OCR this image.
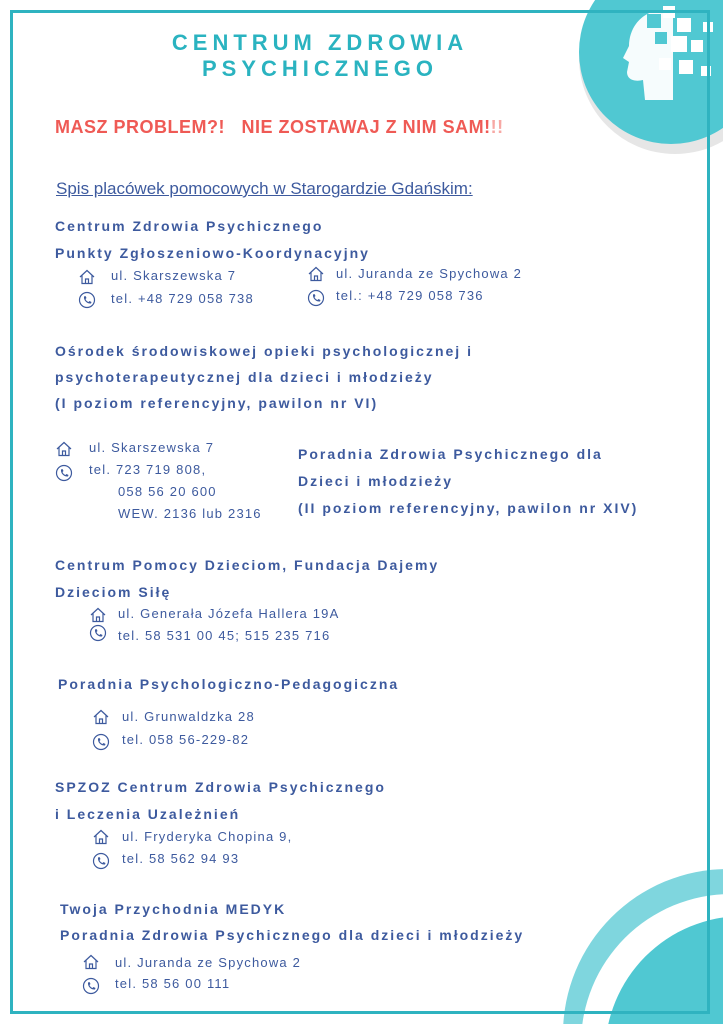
CENTRUM ZDROWIA
PSYCHICZNEGO
MASZ PROBLEM?! NIE ZOSTAWAJ Z NIM SAM!!!
Spis placówek pomocowych w Starogardzie Gdańskim:
Centrum Zdrowia Psychicznego
Punkty Zgłoszeniowo-Koordynacyjny
ul. Skarszewska 7
tel. +48 729 058 738
ul. Juranda ze Spychowa 2
tel.: +48 729 058 736
Ośrodek środowiskowej opieki psychologicznej i
psychoterapeutycznej dla dzieci i młodzieży
(I poziom referencyjny, pawilon nr VI)
ul. Skarszewska 7
tel. 723 719 808,
058 56 20 600
WEW. 2136 lub 2316
Poradnia Zdrowia Psychicznego dla
Dzieci i młodzieży
(II poziom referencyjny, pawilon nr XIV)
Centrum Pomocy Dzieciom, Fundacja Dajemy
Dzieciom Siłę
ul. Generała Józefa Hallera 19A
tel. 58 531 00 45; 515 235 716
Poradnia Psychologiczno-Pedagogiczna
ul. Grunwaldzka 28
tel. 058 56-229-82
SPZOZ Centrum Zdrowia Psychicznego
i Leczenia Uzależnień
ul. Fryderyka Chopina 9,
tel. 58 562 94 93
Twoja Przychodnia MEDYK
Poradnia Zdrowia Psychicznego dla dzieci i młodzieży
ul. Juranda ze Spychowa 2
tel. 58 56 00 111
